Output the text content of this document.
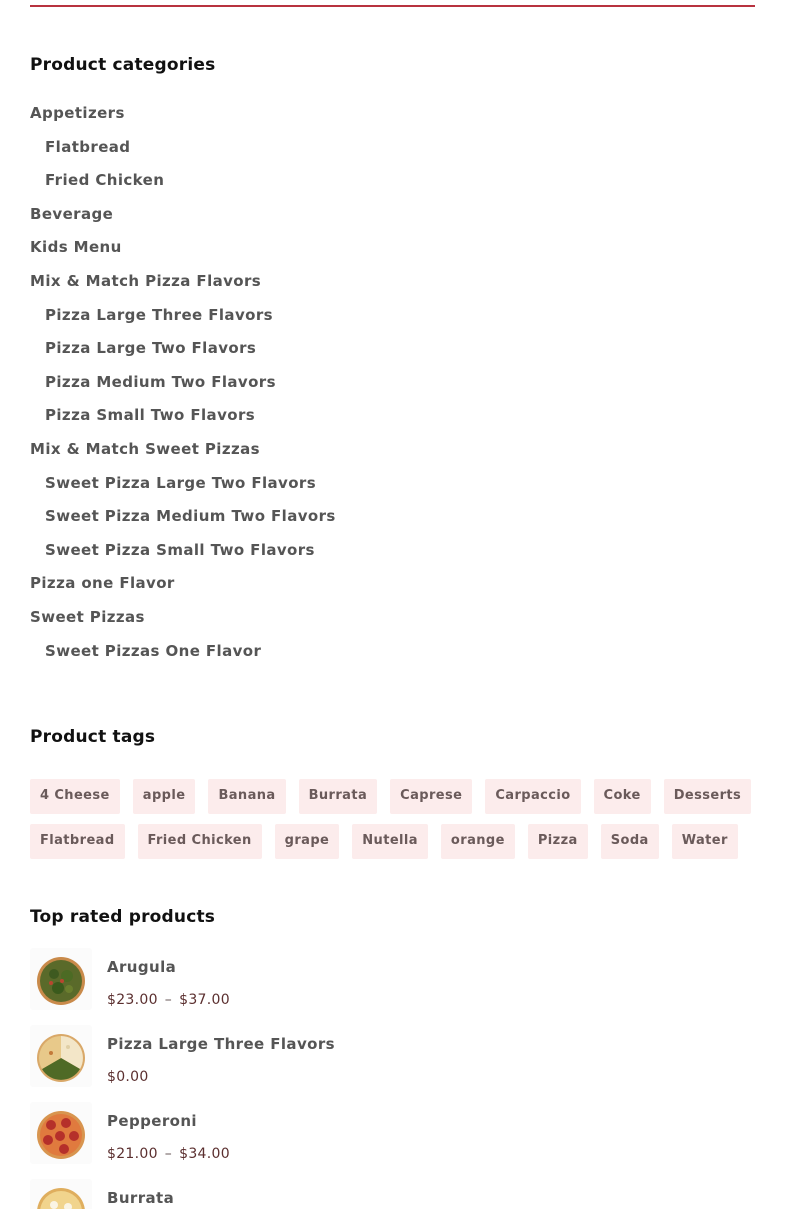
Product categories
Appetizers
Flatbread
Fried Chicken
Beverage
Kids Menu
Mix & Match Pizza Flavors
Pizza Large Three Flavors
Pizza Large Two Flavors
Pizza Medium Two Flavors
Pizza Small Two Flavors
Mix & Match Sweet Pizzas
Sweet Pizza Large Two Flavors
Sweet Pizza Medium Two Flavors
Sweet Pizza Small Two Flavors
Pizza one Flavor
Sweet Pizzas
Sweet Pizzas One Flavor
Product tags
4 Cheese	apple	Banana	Burrata	Caprese	Carpaccio	Coke	Desserts
Flatbread	Fried Chicken	grape	Nutella	orange	Pizza	Soda	Water
Top rated products
Arugula
$23.00 – $37.00
Pizza Large Three Flavors
$0.00
Pepperoni
$21.00 – $34.00
Burrata
